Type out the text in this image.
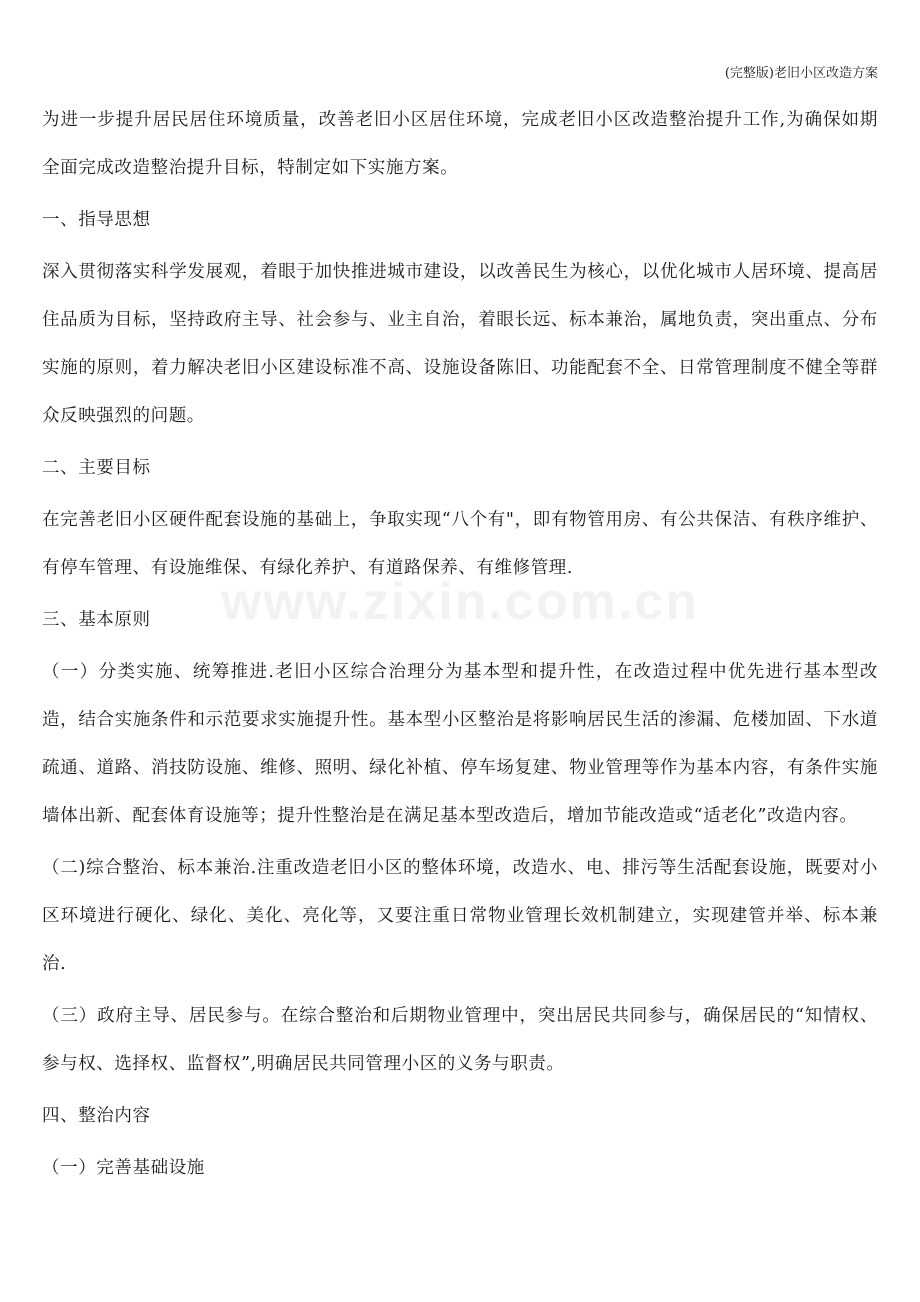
(完整版)老旧小区改造方案
www.zixin.com.cn

为进一步提升居民居住环境质量，改善老旧小区居住环境，完成老旧小区改造整治提升工作,为确保如期全面完成改造整治提升目标，特制定如下实施方案。

一、指导思想

深入贯彻落实科学发展观，着眼于加快推进城市建设，以改善民生为核心，以优化城市人居环境、提高居住品质为目标，坚持政府主导、社会参与、业主自治，着眼长远、标本兼治，属地负责，突出重点、分布实施的原则，着力解决老旧小区建设标准不高、设施设备陈旧、功能配套不全、日常管理制度不健全等群众反映强烈的问题。

二、主要目标

在完善老旧小区硬件配套设施的基础上，争取实现“八个有"，即有物管用房、有公共保洁、有秩序维护、有停车管理、有设施维保、有绿化养护、有道路保养、有维修管理.

三、基本原则

（一）分类实施、统筹推进.老旧小区综合治理分为基本型和提升性，在改造过程中优先进行基本型改造，结合实施条件和示范要求实施提升性。基本型小区整治是将影响居民生活的渗漏、危楼加固、下水道疏通、道路、消技防设施、维修、照明、绿化补植、停车场复建、物业管理等作为基本内容，有条件实施墙体出新、配套体育设施等；提升性整治是在满足基本型改造后，增加节能改造或“适老化”改造内容。

（二)综合整治、标本兼治.注重改造老旧小区的整体环境，改造水、电、排污等生活配套设施，既要对小区环境进行硬化、绿化、美化、亮化等，又要注重日常物业管理长效机制建立，实现建管并举、标本兼治.

（三）政府主导、居民参与。在综合整治和后期物业管理中，突出居民共同参与，确保居民的“知情权、参与权、选择权、监督权”,明确居民共同管理小区的义务与职责。

四、整治内容

（一）完善基础设施
